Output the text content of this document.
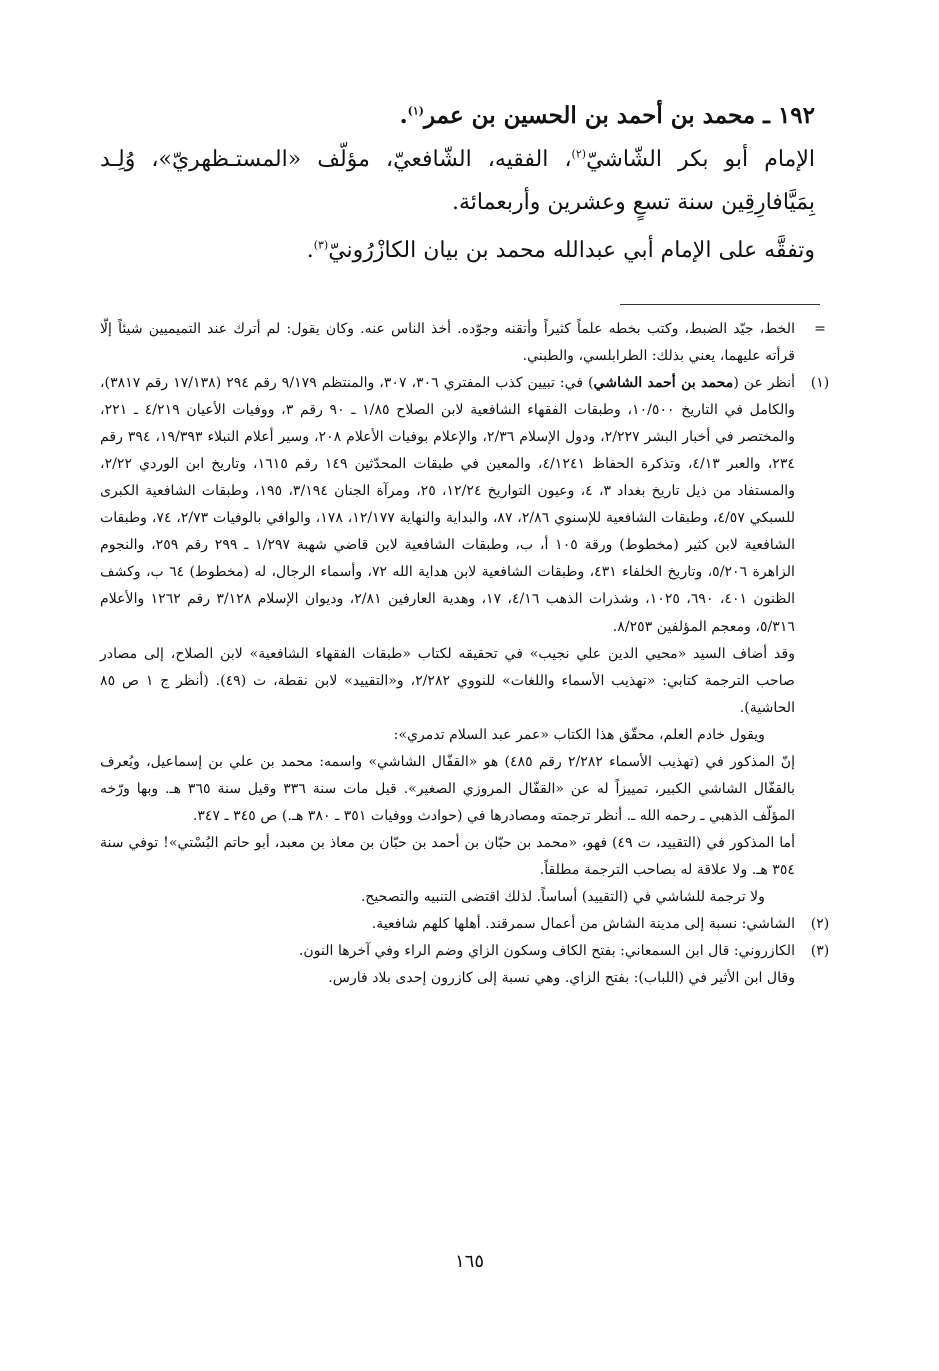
١٩٢ ـ محمد بن أحمد بن الحسين بن عمر$^{(١)}$.
الإمام أبو بكر الشّاشيّ$^{(٢)}$، الفقيه، الشّافعيّ، مؤلّف «المستـظهريّ»، وُلِـد
بِمَيَّافارِقِين سنة تسعٍ وعشرين وأربعمائة.
وتفقَّه على الإمام أبي عبدالله محمد بن بيان الكازْرُونيّ$^{(٣)}$.
=

الخط، جيّد الضبط، وكتب بخطه علماً كثيراً وأتقنه وجوّده. أخذ الناس عنه. وكان يقول: لم أترك عند التميميين شيئاً إلّا قرأته عليهما، يعني بذلك: الطرابلسي، والطبني.

(١)

أنظر عن (محمد بن أحمد الشاشي) في: تبيين كذب المفتري ٣٠٦، ٣٠٧، والمنتظم ٩/١٧٩ رقم ٢٩٤ (١٧/١٣٨ رقم ٣٨١٧)، والكامل في التاريخ ١٠/٥٠٠، وطبقات الفقهاء الشافعية لابن الصلاح ١/٨٥ ـ ٩٠ رقم ٣، ووفيات الأعيان ٤/٢١٩ ـ ٢٢١، والمختصر في أخبار البشر ٢/٢٢٧، ودول الإسلام ٢/٣٦، والإعلام بوفيات الأعلام ٢٠٨، وسير أعلام النبلاء ١٩/٣٩٣، ٣٩٤ رقم ٢٣٤، والعبر ٤/١٣، وتذكرة الحفاظ ٤/١٢٤١، والمعين في طبقات المحدّثين ١٤٩ رقم ١٦١٥، وتاريخ ابن الوردي ٢/٢٢، والمستفاد من ذيل تاريخ بغداد ٣، ٤، وعيون التواريخ ١٢/٢٤، ٢٥، ومرآة الجنان ٣/١٩٤، ١٩٥، وطبقات الشافعية الكبرى للسبكي ٤/٥٧، وطبقات الشافعية للإسنوي ٢/٨٦، ٨٧، والبداية والنهاية ١٢/١٧٧، ١٧٨، والوافي بالوفيات ٢/٧٣، ٧٤، وطبقات الشافعية لابن كثير (مخطوط) ورقة ١٠٥ أ، ب، وطبقات الشافعية لابن قاضي شهبة ١/٢٩٧ ـ ٢٩٩ رقم ٢٥٩، والنجوم الزاهرة ٥/٢٠٦، وتاريخ الخلفاء ٤٣١، وطبقات الشافعية لابن هداية الله ٧٢، وأسماء الرجال، له (مخطوط) ٦٤ ب، وكشف الظنون ٤٠١، ٦٩٠، ١٠٢٥، وشذرات الذهب ٤/١٦، ١٧، وهدية العارفين ٢/٨١، وديوان الإسلام ٣/١٢٨ رقم ١٢٦٢ والأعلام ٥/٣١٦، ومعجم المؤلفين ٨/٢٥٣.

وقد أضاف السيد «محيي الدين علي نجيب» في تحقيقه لكتاب «طبقات الفقهاء الشافعية» لابن الصلاح، إلى مصادر صاحب الترجمة كتابي: «تهذيب الأسماء واللغات» للنووي ٢/٢٨٢، و«التقييد» لابن نقطة، ت (٤٩). (أنظر ج ١ ص ٨٥ الحاشية).

ويقول خادم العلم، محقّق هذا الكتاب «عمر عبد السلام تدمري»:

إنّ المذكور في (تهذيب الأسماء ٢/٢٨٢ رقم ٤٨٥) هو «القفّال الشاشي» واسمه: محمد بن علي بن إسماعيل، ويُعرف بالقفّال الشاشي الكبير، تمييزاً له عن «القفّال المروزي الصغير». قيل مات سنة ٣٣٦ وقيل سنة ٣٦٥ هـ. وبها ورّخه المؤلّف الذهبي ـ رحمه الله ـ. أنظر ترجمته ومصادرها في (حوادث ووفيات ٣٥١ ـ ٣٨٠ هـ.) ص ٣٤٥ ـ ٣٤٧.

أما المذكور في (التقييد، ت ٤٩) فهو، «محمد بن حبّان بن أحمد بن حبّان بن معاذ بن معبد، أبو حاتم البُسْتي»! توفي سنة ٣٥٤ هـ. ولا علاقة له بصاحب الترجمة مطلقاً.

ولا ترجمة للشاشي في (التقييد) أساساً. لذلك اقتضى التنبيه والتصحيح.

(٢)

الشاشي: نسبة إلى مدينة الشاش من أعمال سمرقند. أهلها كلهم شافعية.

(٣)

الكازروني: قال ابن السمعاني: بفتح الكاف وسكون الزاي وضم الراء وفي آخرها النون.

وقال ابن الأثير في (اللباب): بفتح الزاي. وهي نسبة إلى كازرون إحدى بلاد فارس.

١٦٥
